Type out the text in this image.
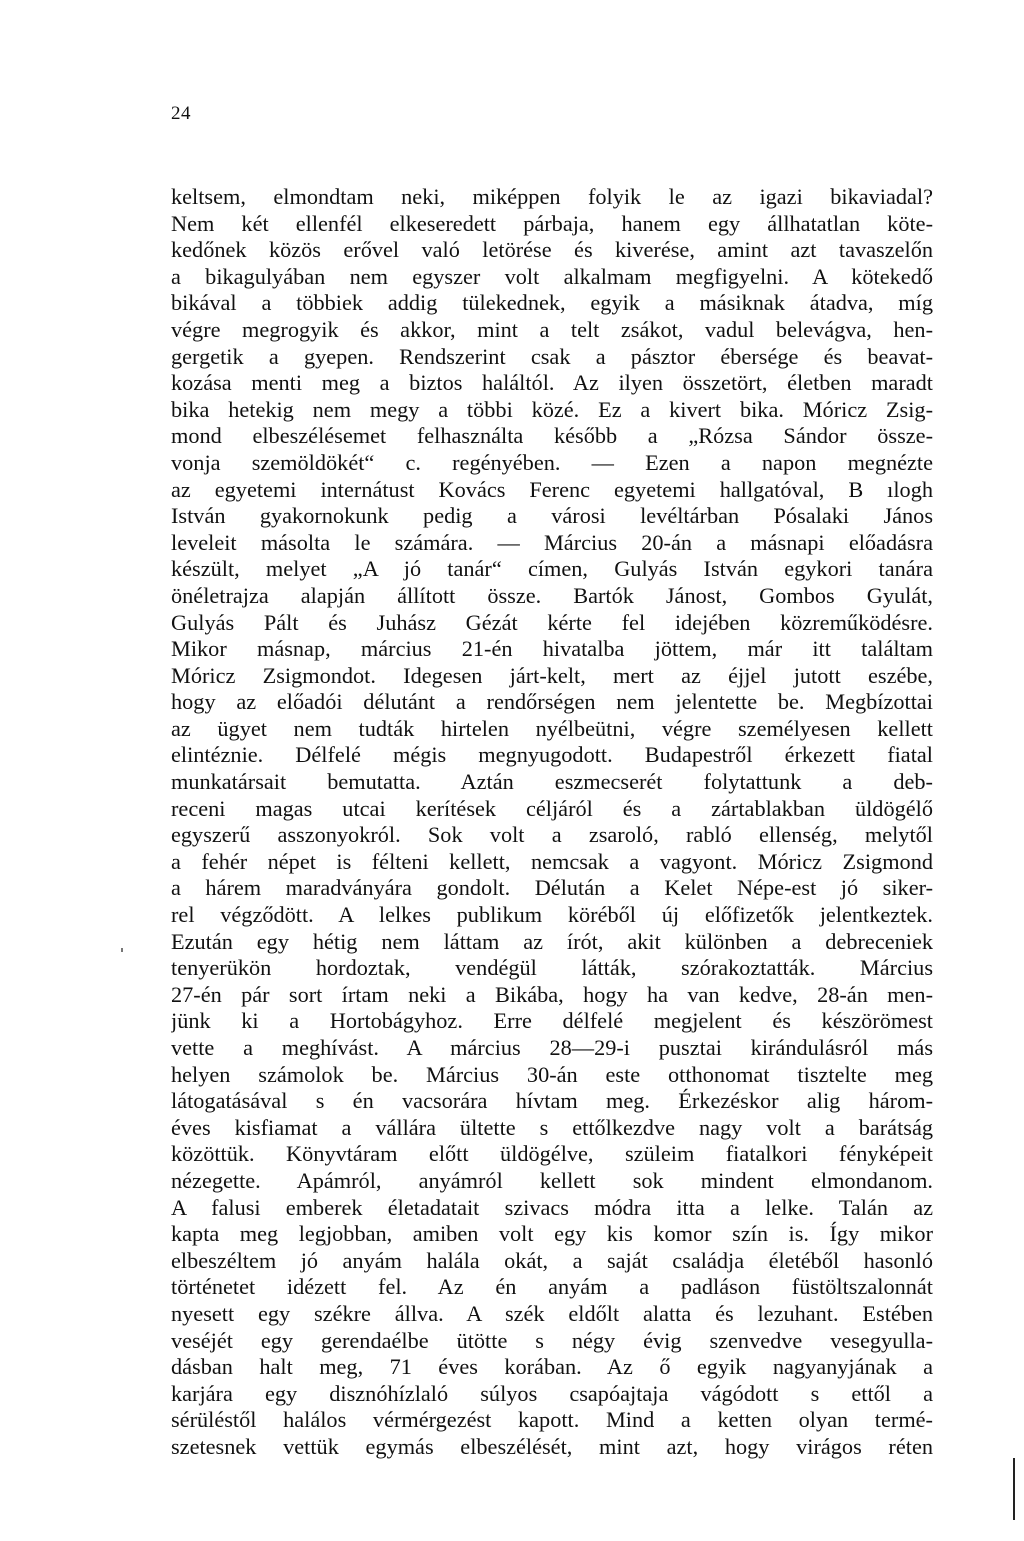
24
keltsem, elmondtam neki, miképpen folyik le az igazi bikaviadal?
Nem két ellenfél elkeseredett párbaja, hanem egy állhatatlan köte-
kedőnek közös erővel való letörése és kiverése, amint azt tavaszelőn
a bikagulyában nem egyszer volt alkalmam megfigyelni. A kötekedő
bikával a többiek addig tülekednek, egyik a másiknak átadva, míg
végre megrogyik és akkor, mint a telt zsákot, vadul belevágva, hen-
gergetik a gyepen. Rendszerint csak a pásztor ébersége és beavat-
kozása menti meg a biztos haláltól. Az ilyen összetört, életben maradt
bika hetekig nem megy a többi közé. Ez a kivert bika. Móricz Zsig-
mond elbeszélésemet felhasználta később a „Rózsa Sándor össze-
vonja szemöldökét“ c. regényében. — Ezen a napon megnézte
az egyetemi internátust Kovács Ferenc egyetemi hallgatóval, B ılogh
István gyakornokunk pedig a városi levéltárban Pósalaki János
leveleit másolta le számára. — Március 20-án a másnapi előadásra
készült, melyet „A jó tanár“ címen, Gulyás István egykori tanára
önéletrajza alapján állított össze. Bartók Jánost, Gombos Gyulát,
Gulyás Pált és Juhász Gézát kérte fel idejében közreműködésre.
Mikor másnap, március 21-én hivatalba jöttem, már itt találtam
Móricz Zsigmondot. Idegesen járt-kelt, mert az éjjel jutott eszébe,
hogy az előadói délutánt a rendőrségen nem jelentette be. Megbízottai
az ügyet nem tudták hirtelen nyélbeütni, végre személyesen kellett
elintéznie. Délfelé mégis megnyugodott. Budapestről érkezett fiatal
munkatársait bemutatta. Aztán eszmecserét folytattunk a deb-
receni magas utcai kerítések céljáról és a zártablakban üldögélő
egyszerű asszonyokról. Sok volt a zsaroló, rabló ellenség, melytől
a fehér népet is félteni kellett, nemcsak a vagyont. Móricz Zsigmond
a hárem maradványára gondolt. Délután a Kelet Népe-est jó siker-
rel végződött. A lelkes publikum köréből új előfizetők jelentkeztek.
Ezután egy hétig nem láttam az írót, akit különben a debreceniek
tenyerükön hordoztak, vendégül látták, szórakoztatták. Március
27-én pár sort írtam neki a Bikába, hogy ha van kedve, 28-án men-
jünk ki a Hortobágyhoz. Erre délfelé megjelent és készörömest
vette a meghívást. A március 28—29-i pusztai kirándulásról más
helyen számolok be. Március 30-án este otthonomat tisztelte meg
látogatásával s én vacsorára hívtam meg. Érkezéskor alig három-
éves kisfiamat a vállára ültette s ettőlkezdve nagy volt a barátság
közöttük. Könyvtáram előtt üldögélve, szüleim fiatalkori fényképeit
nézegette. Apámról, anyámról kellett sok mindent elmondanom.
A falusi emberek életadatait szivacs módra itta a lelke. Talán az
kapta meg legjobban, amiben volt egy kis komor szín is. Így mikor
elbeszéltem jó anyám halála okát, a saját családja életéből hasonló
történetet idézett fel. Az én anyám a padláson füstöltszalonnát
nyesett egy székre állva. A szék eldőlt alatta és lezuhant. Estében
veséjét egy gerendaélbe ütötte s négy évig szenvedve vesegyulla-
dásban halt meg, 71 éves korában. Az ő egyik nagyanyjának a
karjára egy disznóhízlaló súlyos csapóajtaja vágódott s ettől a
sérüléstől halálos vérmérgezést kapott. Mind a ketten olyan termé-
szetesnek vettük egymás elbeszélését, mint azt, hogy virágos réten
